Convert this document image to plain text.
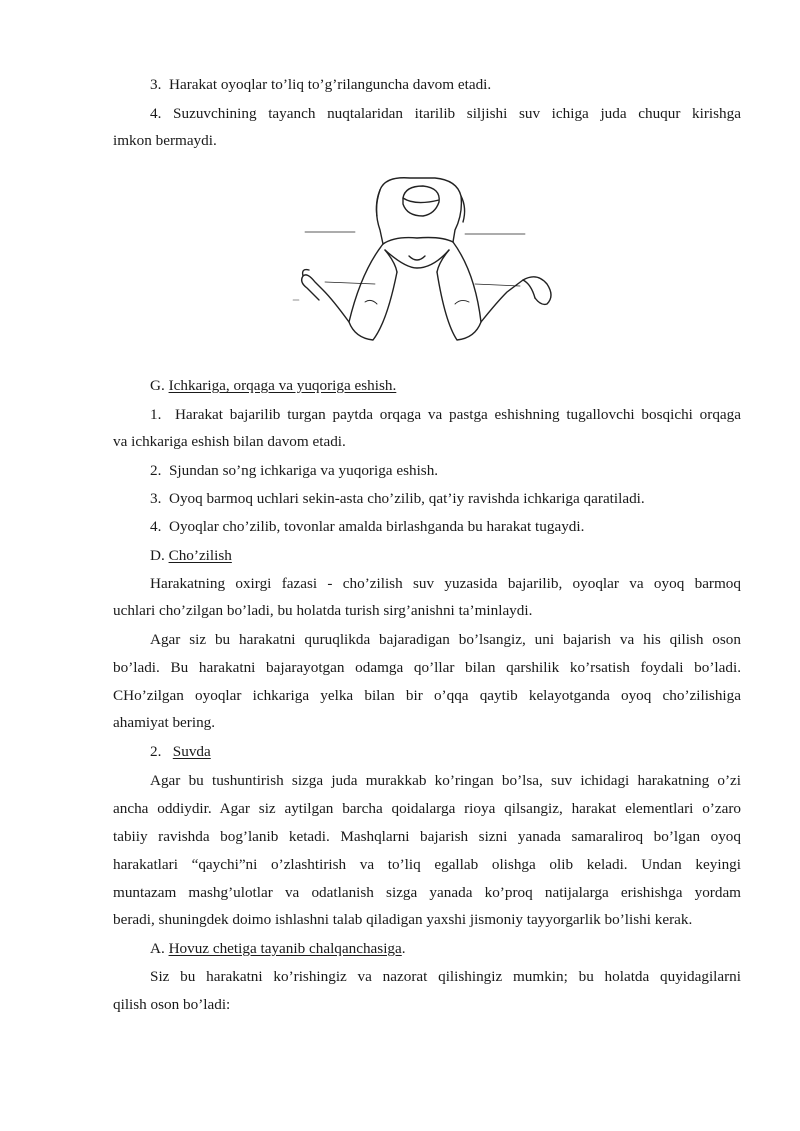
3.  Harakat oyoqlar to’liq to’g’rilanguncha davom etadi.
4. Suzuvchining tayanch nuqtalaridan itarilib siljishi suv ichiga juda chuqur kirishga
imkon bermaydi.
G. Ichkariga, orqaga va yuqoriga eshish.
1.  Harakat bajarilib turgan paytda orqaga va pastga eshishning tugallovchi bosqichi orqaga
va ichkariga eshish bilan davom etadi.
2.  Sjundan so’ng ichkariga va yuqoriga eshish.
3.  Oyoq barmoq uchlari sekin-asta cho’zilib, qat’iy ravishda ichkariga qaratiladi.
4.  Oyoqlar cho’zilib, tovonlar amalda birlashganda bu harakat tugaydi.
D. Cho’zilish
Harakatning oxirgi fazasi - cho’zilish suv yuzasida bajarilib, oyoqlar va oyoq barmoq
uchlari cho’zilgan bo’ladi, bu holatda turish sirg’anishni ta’minlaydi.
Agar siz bu harakatni quruqlikda bajaradigan bo’lsangiz, uni bajarish va his qilish oson
bo’ladi. Bu harakatni bajarayotgan odamga qo’llar bilan qarshilik ko’rsatish foydali bo’ladi.
CHo’zilgan oyoqlar ichkariga yelka bilan bir o’qqa qaytib kelayotganda oyoq cho’zilishiga
ahamiyat bering.
2.   Suvda
Agar bu tushuntirish sizga juda murakkab ko’ringan bo’lsa, suv ichidagi harakatning o’zi
ancha oddiydir. Agar siz aytilgan barcha qoidalarga rioya qilsangiz, harakat elementlari o’zaro
tabiiy ravishda bog’lanib ketadi. Mashqlarni bajarish sizni yanada samaraliroq bo’lgan oyoq
harakatlari “qaychi”ni o’zlashtirish va to’liq egallab olishga olib keladi. Undan keyingi
muntazam mashg’ulotlar va odatlanish sizga yanada ko’proq natijalarga erishishga yordam
beradi, shuningdek doimo ishlashni talab qiladigan yaxshi jismoniy tayyorgarlik bo’lishi kerak.
A. Hovuz chetiga tayanib chalqanchasiga.
Siz bu harakatni ko’rishingiz va nazorat qilishingiz mumkin; bu holatda quyidagilarni
qilish oson bo’ladi:
